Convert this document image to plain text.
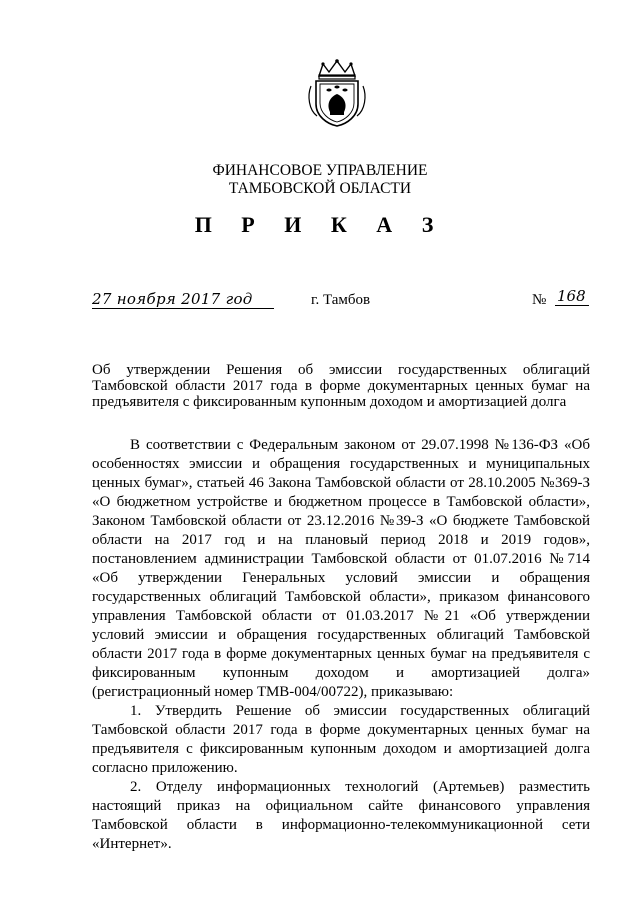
ФИНАНСОВОЕ УПРАВЛЕНИЕ
ТАМБОВСКОЙ ОБЛАСТИ
П Р И К А З
27 ноября 2017 год	г. Тамбов	№ 168
Об утверждении Решения об эмиссии государственных облигаций Тамбовской области 2017 года в форме документарных ценных бумаг на предъявителя с фиксированным купонным доходом и амортизацией долга

В соответствии с Федеральным законом от 29.07.1998 №136-ФЗ «Об особенностях эмиссии и обращения государственных и муниципальных ценных бумаг», статьей 46 Закона Тамбовской области от 28.10.2005 №369-З «О бюджетном устройстве и бюджетном процессе в Тамбовской области», Законом Тамбовской области от 23.12.2016 №39-З «О бюджете Тамбовской области на 2017 год и на плановый период 2018 и 2019 годов», постановлением администрации Тамбовской области от 01.07.2016 №714 «Об утверждении Генеральных условий эмиссии и обращения государственных облигаций Тамбовской области», приказом финансового управления Тамбовской области от 01.03.2017 №21 «Об утверждении условий эмиссии и обращения государственных облигаций Тамбовской области 2017 года в форме документарных ценных бумаг на предъявителя с фиксированным купонным доходом и амортизацией долга» (регистрационный номер ТМВ-004/00722), приказываю:

1. Утвердить Решение об эмиссии государственных облигаций Тамбовской области 2017 года в форме документарных ценных бумаг на предъявителя с фиксированным купонным доходом и амортизацией долга согласно приложению.

2. Отделу информационных технологий (Артемьев) разместить настоящий приказ на официальном сайте финансового управления Тамбовской области в информационно-телекоммуникационной сети «Интернет».
